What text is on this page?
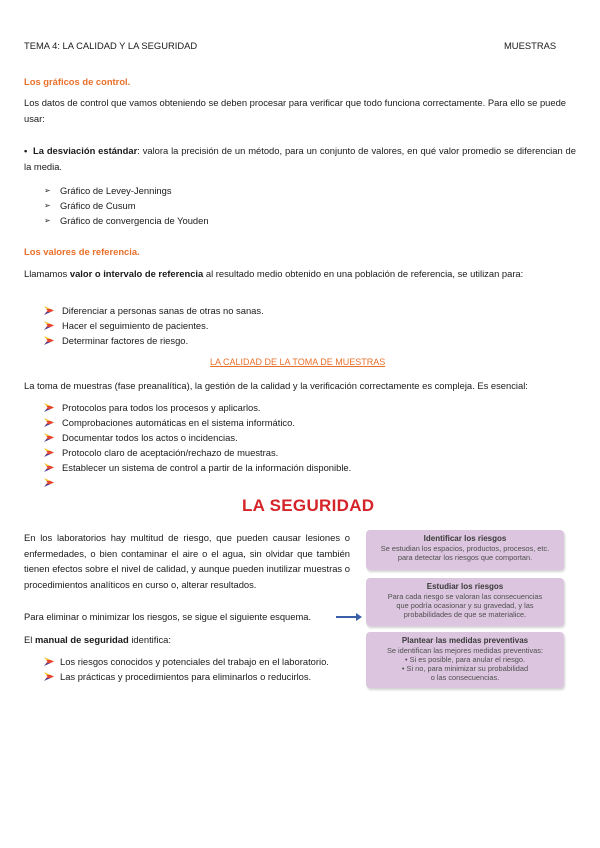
TEMA 4: LA CALIDAD Y LA SEGURIDAD	MUESTRAS
Los gráficos de control.

Los datos de control que vamos obteniendo se deben procesar para verificar que todo funciona correctamente. Para ello se puede usar:

• La desviación estándar: valora la precisión de un método, para un conjunto de valores, en qué valor promedio se diferencian de la media.

➢ Gráfico de Levey-Jennings
➢ Gráfico de Cusum
➢ Gráfico de convergencia de Youden
Los valores de referencia.

Llamamos valor o intervalo de referencia al resultado medio obtenido en una población de referencia, se utilizan para:

Diferenciar a personas sanas de otras no sanas.
Hacer el seguimiento de pacientes.
Determinar factores de riesgo.
LA CALIDAD DE LA TOMA DE MUESTRAS

La toma de muestras (fase preanalítica), la gestión de la calidad y la verificación correctamente es compleja. Es esencial:

Protocolos para todos los procesos y aplicarlos.
Comprobaciones automáticas en el sistema informático.
Documentar todos los actos o incidencias.
Protocolo claro de aceptación/rechazo de muestras.
Establecer un sistema de control a partir de la información disponible.
LA SEGURIDAD

En los laboratorios hay multitud de riesgo, que pueden causar lesiones o enfermedades, o bien contaminar el aire o el agua, sin olvidar que también tienen efectos sobre el nivel de calidad, y aunque pueden inutilizar muestras o procedimientos analíticos en curso o, alterar resultados.

Para eliminar o minimizar los riesgos, se sigue el siguiente esquema.

El manual de seguridad identifica:

Los riesgos conocidos y potenciales del trabajo en el laboratorio.
Las prácticas y procedimientos para eliminarlos o reducirlos.
Identificar los riesgos
Se estudian los espacios, productos, procesos, etc.
para detectar los riesgos que comportan.
Estudiar los riesgos
Para cada riesgo se valoran las consecuencias
que podría ocasionar y su gravedad, y las
probabilidades de que se materialice.
Plantear las medidas preventivas
Se identifican las mejores medidas preventivas:
• Si es posible, para anular el riesgo.
• Si no, para minimizar su probabilidad
o las consecuencias.
